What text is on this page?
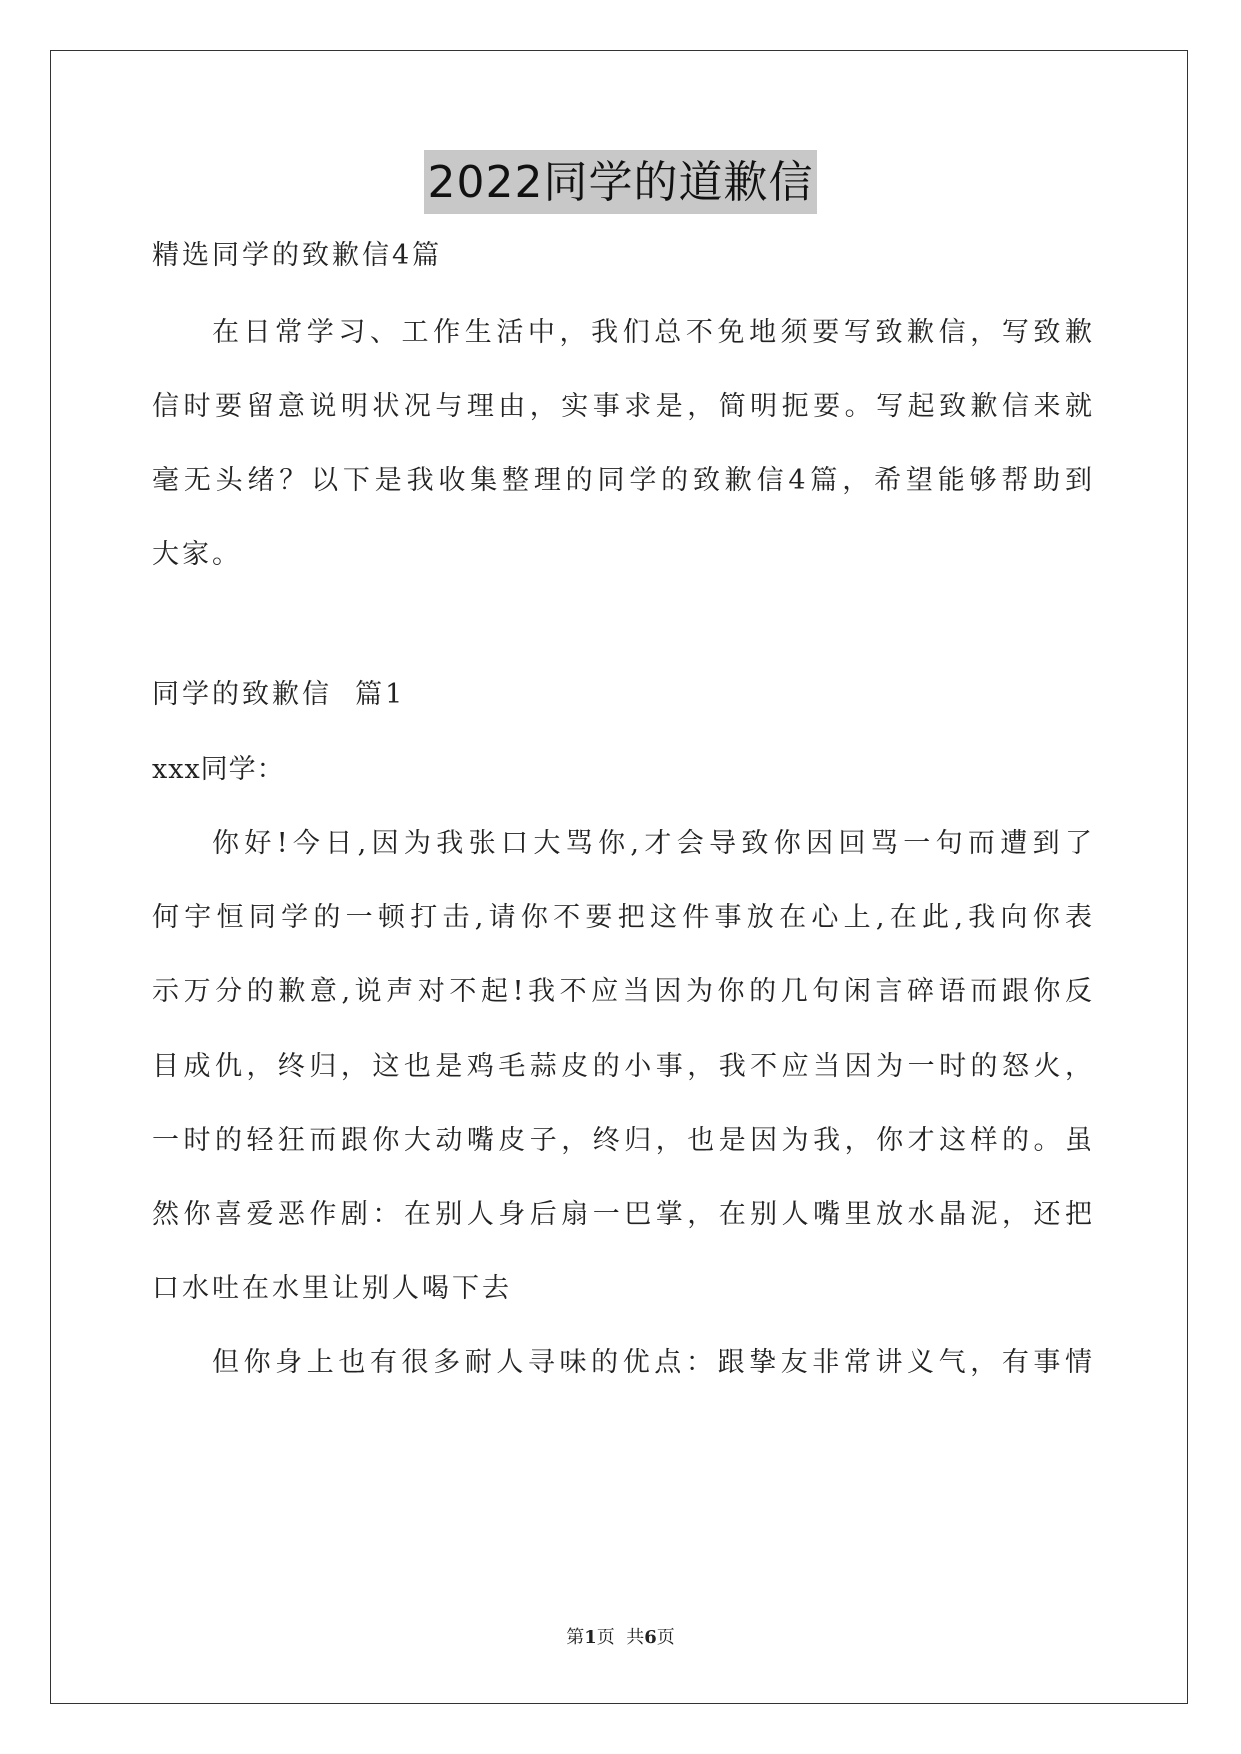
2022同学的道歉信
精选同学的致歉信4篇
在日常学习、工作生活中，我们总不免地须要写致歉信，写致歉
信时要留意说明状况与理由，实事求是，简明扼要。写起致歉信来就
毫无头绪？以下是我收集整理的同学的致歉信4篇，希望能够帮助到
大家。
同学的致歉信  篇1
xxx同学：
你好!今日,因为我张口大骂你,才会导致你因回骂一句而遭到了
何宇恒同学的一顿打击,请你不要把这件事放在心上,在此,我向你表
示万分的歉意,说声对不起!我不应当因为你的几句闲言碎语而跟你反
目成仇，终归，这也是鸡毛蒜皮的小事，我不应当因为一时的怒火，
一时的轻狂而跟你大动嘴皮子，终归，也是因为我，你才这样的。虽
然你喜爱恶作剧：在别人身后扇一巴掌，在别人嘴里放水晶泥，还把
口水吐在水里让别人喝下去
但你身上也有很多耐人寻味的优点：跟挚友非常讲义气，有事情
第1页  共6页
